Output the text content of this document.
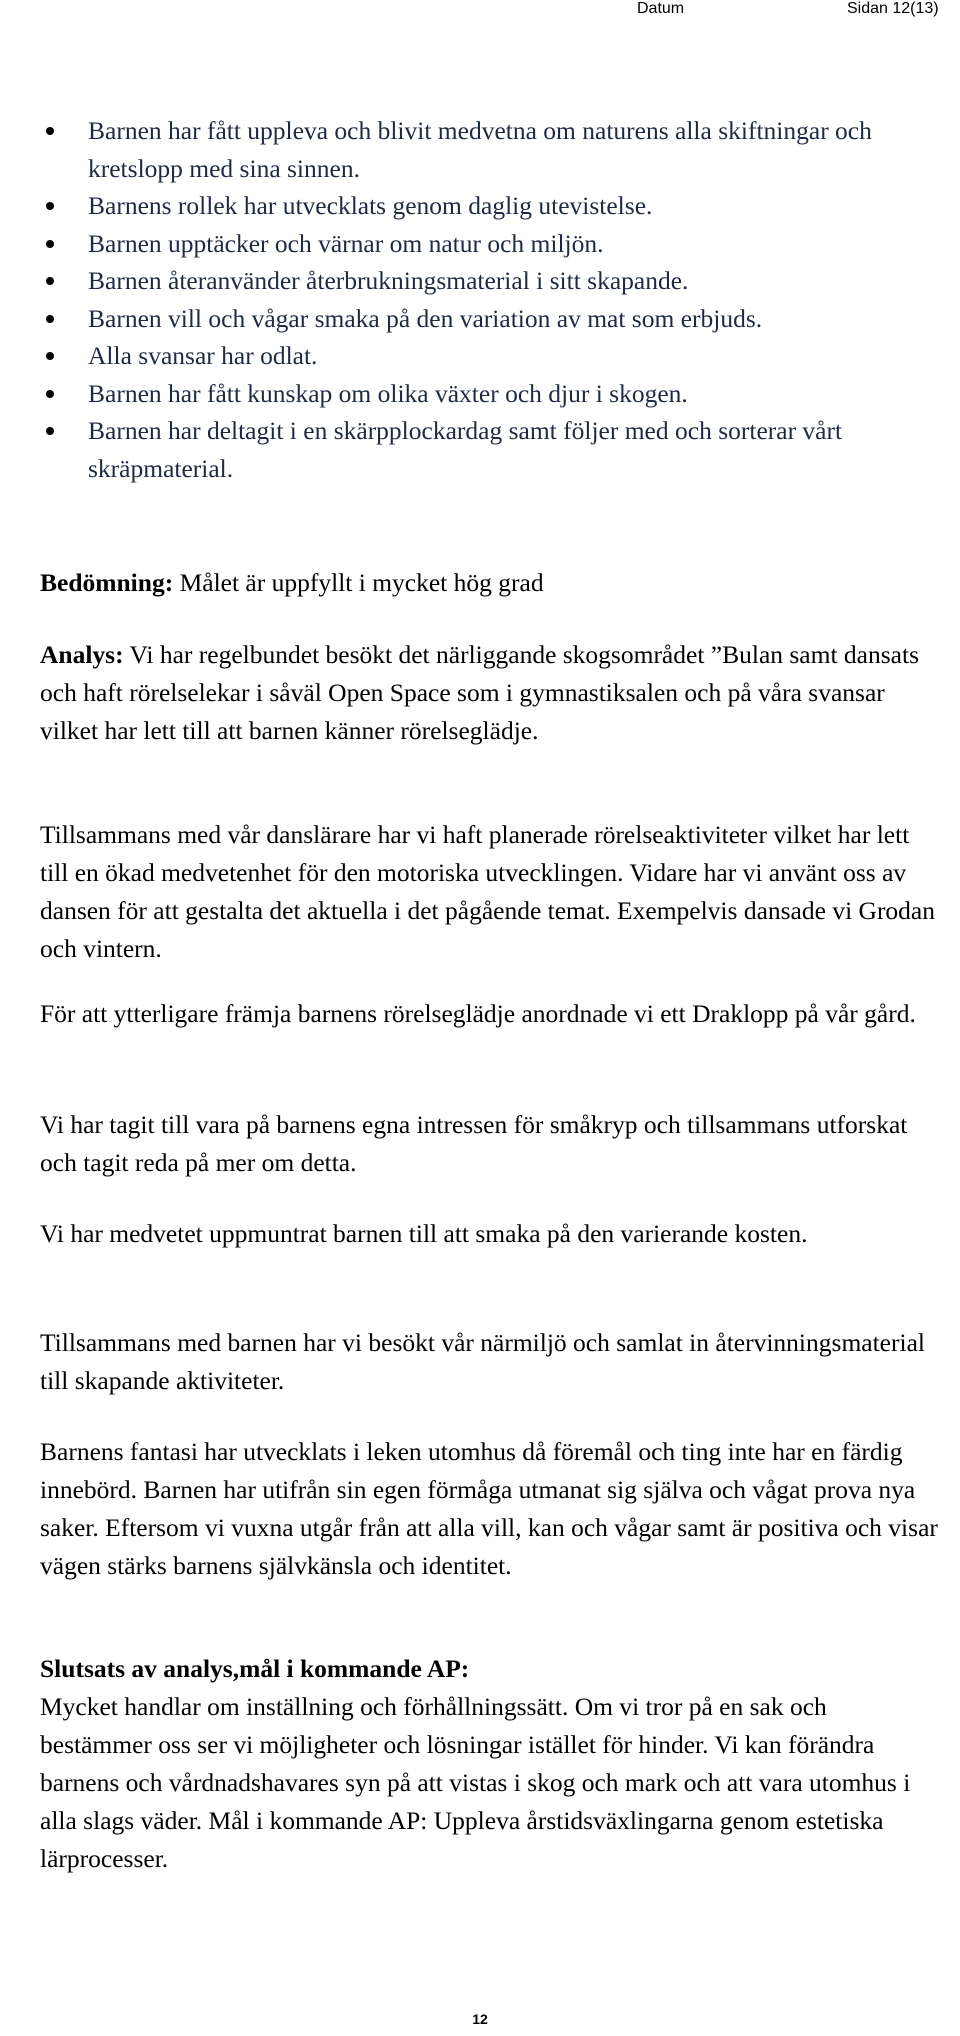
Datum	Sidan 12(13)
Barnen har fått uppleva och blivit medvetna om naturens alla skiftningar och kretslopp med sina sinnen.
Barnens rollek har utvecklats genom daglig utevistelse.
Barnen upptäcker och värnar om natur och miljön.
Barnen återanvänder återbrukningsmaterial i sitt skapande.
Barnen vill och vågar smaka på den variation av mat som erbjuds.
Alla svansar har odlat.
Barnen har fått kunskap om olika växter och djur i skogen.
Barnen har deltagit i en skärpplockardag samt följer med och sorterar vårt skräpmaterial.

Bedömning: Målet är uppfyllt i mycket hög grad

Analys: Vi har regelbundet besökt det närliggande skogsområdet ”Bulan samt dansats och haft rörelselekar i såväl Open Space som i gymnastiksalen och på våra svansar vilket har lett till att barnen känner rörelseglädje.

Tillsammans med vår danslärare har vi haft planerade rörelseaktiviteter vilket har lett till en ökad medvetenhet för den motoriska utvecklingen. Vidare har vi använt oss av dansen för att gestalta det aktuella i det pågående temat. Exempelvis dansade vi Grodan och vintern.

För att ytterligare främja barnens rörelseglädje anordnade vi ett Draklopp på vår gård.

Vi har tagit till vara på barnens egna intressen för småkryp och tillsammans utforskat och tagit reda på mer om detta.

Vi har medvetet uppmuntrat barnen till att smaka på den varierande kosten.

Tillsammans med barnen har vi besökt vår närmiljö och samlat in återvinningsmaterial till skapande aktiviteter.

Barnens fantasi har utvecklats i leken utomhus då föremål och ting inte har en färdig innebörd. Barnen har utifrån sin egen förmåga utmanat sig själva och vågat prova nya saker. Eftersom vi vuxna utgår från att alla vill, kan och vågar samt är positiva och visar vägen stärks barnens självkänsla och identitet.

Slutsats av analys,mål i kommande AP:
Mycket handlar om inställning och förhållningssätt. Om vi tror på en sak och bestämmer oss ser vi möjligheter och lösningar istället för hinder. Vi kan förändra barnens och vårdnadshavares syn på att vistas i skog och mark och att vara utomhus i alla slags väder. Mål i kommande AP: Uppleva årstidsväxlingarna genom estetiska lärprocesser.

12
